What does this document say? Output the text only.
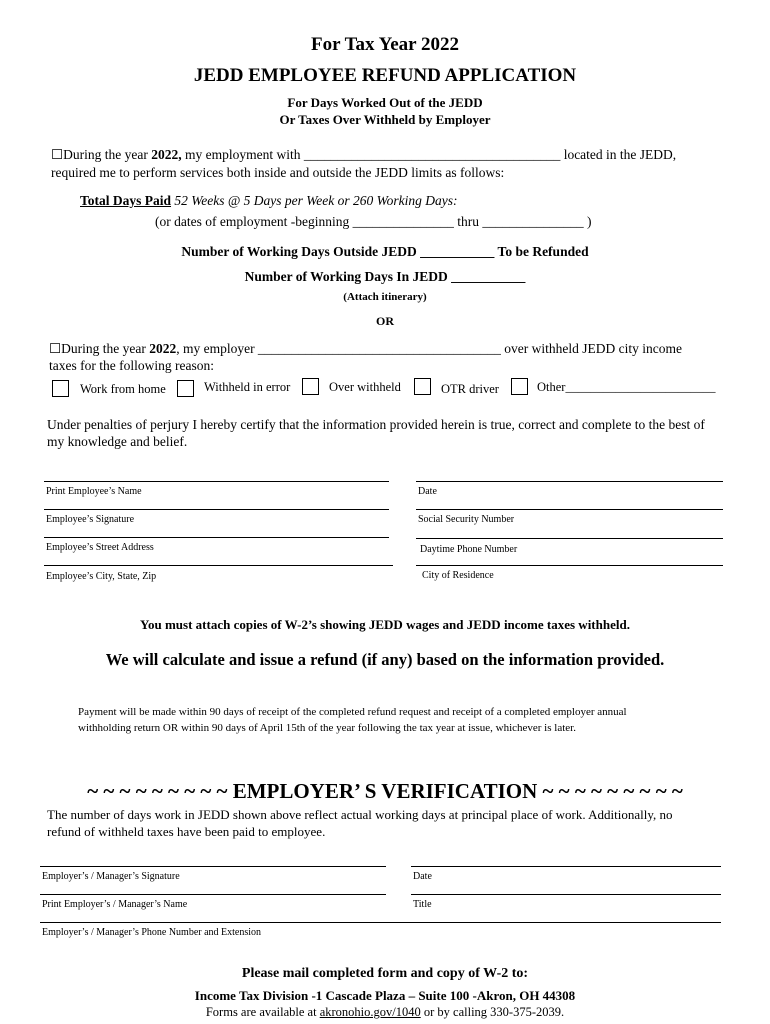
For Tax Year 2022
JEDD EMPLOYEE REFUND APPLICATION
For Days Worked Out of the JEDD
Or Taxes Over Withheld by Employer
☐During the year 2022, my employment with ______________________________________ located in the JEDD,
required me to perform services both inside and outside the JEDD limits as follows:
Total Days Paid 52 Weeks @ 5 Days per Week or 260 Working Days:
(or dates of employment -beginning _______________ thru _______________ )
Number of Working Days Outside JEDD ___________ To be Refunded
Number of Working Days In JEDD ___________
(Attach itinerary)
OR
☐During the year 2022, my employer ____________________________________ over withheld JEDD city income
taxes for the following reason:
Work from home	Withheld in error	Over withheld	OTR driver	Other________________________
Under penalties of perjury I hereby certify that the information provided herein is true, correct and complete to the best of
my knowledge and belief.
Print Employee’s Name	Date
Employee’s Signature	Social Security Number
Employee’s Street Address	Daytime Phone Number
Employee’s City, State, Zip	City of Residence
You must attach copies of W-2’s showing JEDD wages and JEDD income taxes withheld.
We will calculate and issue a refund (if any) based on the information provided.
Payment will be made within 90 days of receipt of the completed refund request and receipt of a completed employer annual
withholding return OR within 90 days of April 15th of the year following the tax year at issue, whichever is later.
~ ~ ~ ~ ~ ~ ~ ~ ~ EMPLOYER’ S VERIFICATION ~ ~ ~ ~ ~ ~ ~ ~ ~
The number of days work in JEDD shown above reflect actual working days at principal place of work. Additionally, no
refund of withheld taxes have been paid to employee.
Employer’s / Manager’s Signature	Date
Print Employer’s / Manager’s Name	Title
Employer’s / Manager’s Phone Number and Extension
Please mail completed form and copy of W-2 to:
Income Tax Division -1 Cascade Plaza – Suite 100 -Akron, OH 44308
Forms are available at akronohio.gov/1040 or by calling 330-375-2039.
